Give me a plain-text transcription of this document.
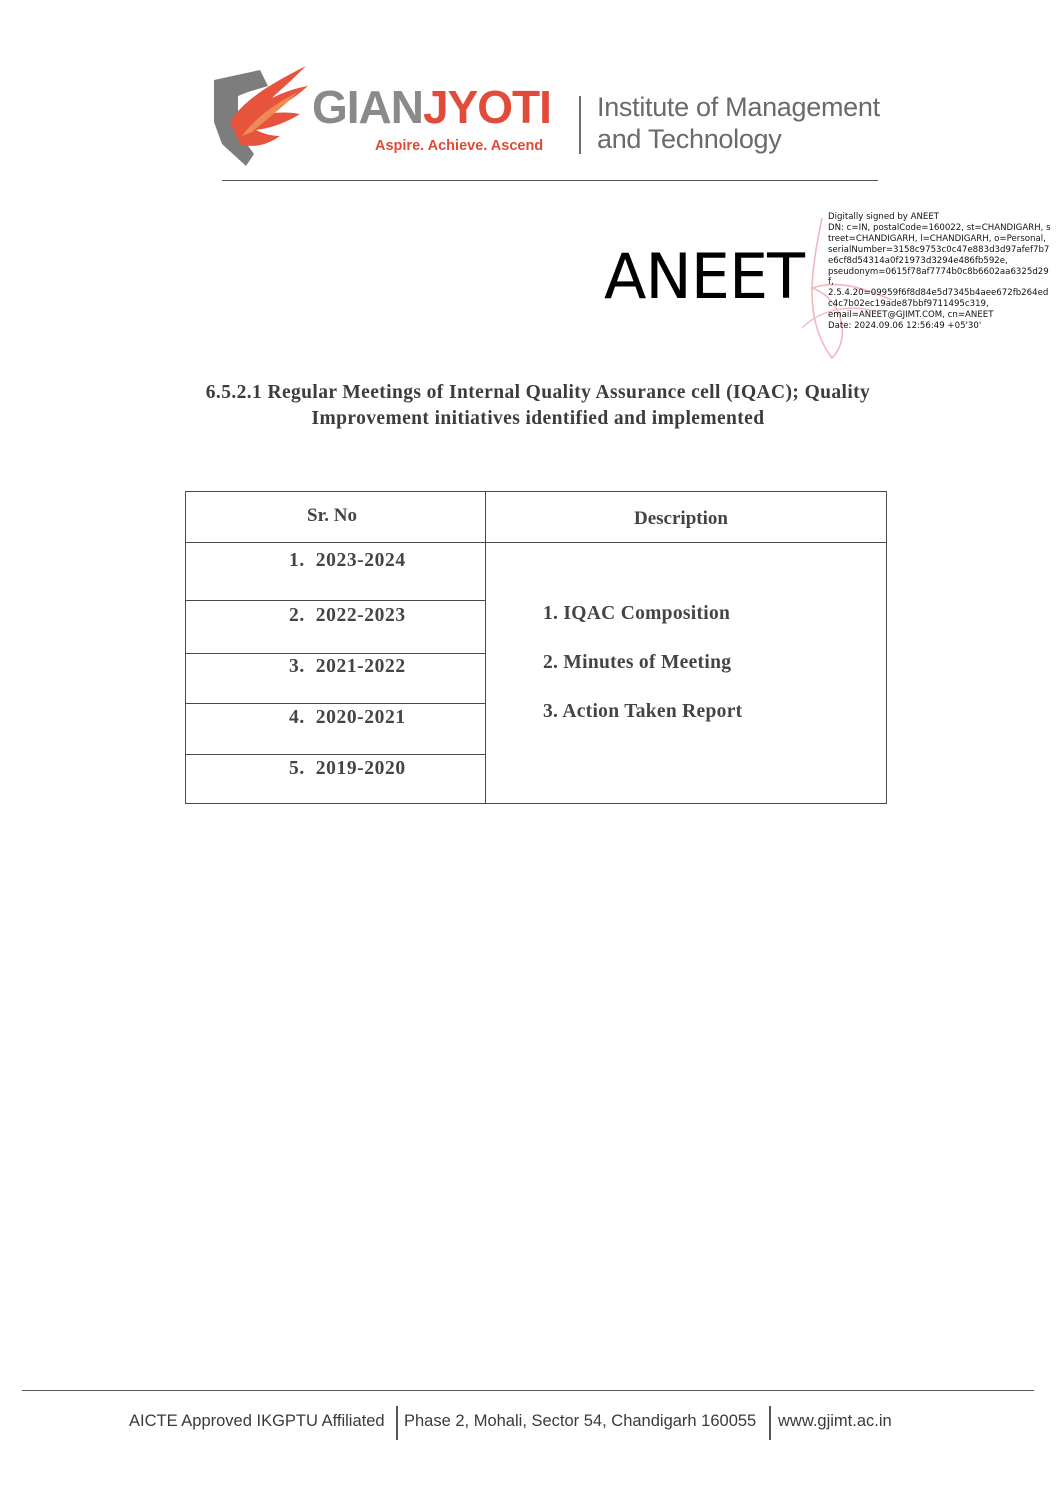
GIANJYOTI
Aspire. Achieve. Ascend
Institute of Management
and Technology
ANEET
Digitally signed by ANEET
DN: c=IN, postalCode=160022, st=CHANDIGARH, street=CHANDIGARH, l=CHANDIGARH, o=Personal,
serialNumber=3158c9753c0c47e883d3d97afef7b7e6cf8d54314a0f21973d3294e486fb592e,
pseudonym=0615f78af7774b0c8b6602aa6325d29f,
2.5.4.20=09959f6f8d84e5d7345b4aee672fb264edc4c7b02ec19ade87bbf9711495c319,
email=ANEET@GJIMT.COM, cn=ANEET
Date: 2024.09.06 12:56:49 +05'30'
6.5.2.1 Regular Meetings of Internal Quality Assurance cell (IQAC); Quality
Improvement initiatives identified and implemented
Sr. No	Description
1. 2023-2024
2. 2022-2023
3. 2021-2022
4. 2020-2021
5. 2019-2020
1. IQAC Composition
2. Minutes of Meeting
3. Action Taken Report
AICTE Approved IKGPTU Affiliated Phase 2, Mohali, Sector 54, Chandigarh 160055 www.gjimt.ac.in
